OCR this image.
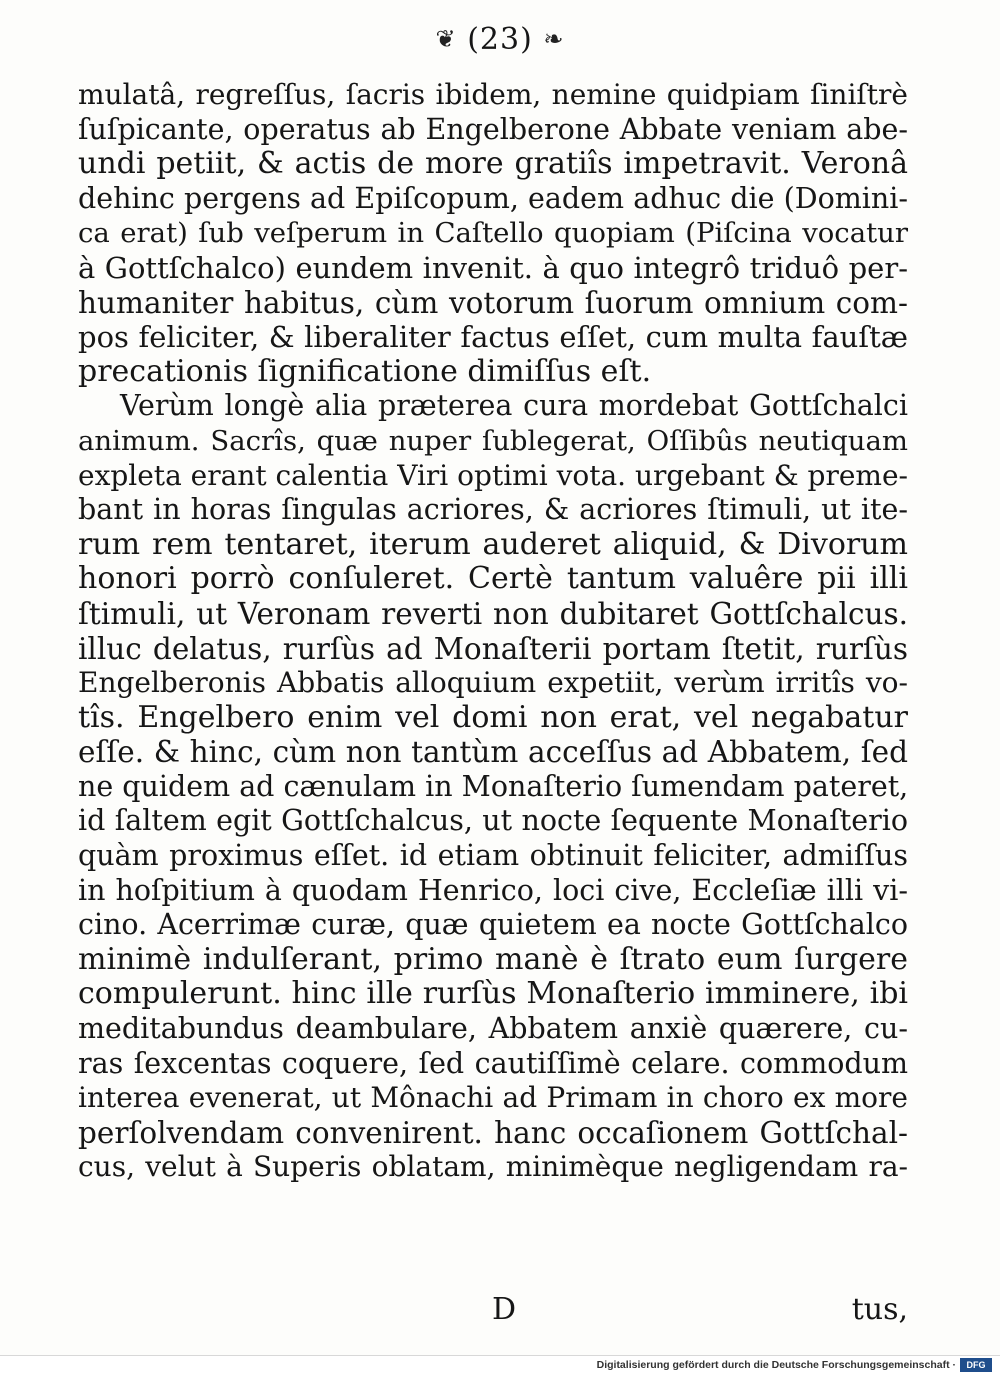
❦ (23) ❧
mulatâ, regreſſus, ſacris ibidem, nemine quidpiam ſiniſtrè
ſuſpicante, operatus ab Engelberone Abbate veniam abe-
undi petiit, & actis de more gratiîs impetravit. Veronâ
dehinc pergens ad Epiſcopum, eadem adhuc die (Domini-
ca erat) ſub veſperum in Caſtello quopiam (Piſcina vocatur
à Gottſchalco) eundem invenit. à quo integrô triduô per-
humaniter habitus, cùm votorum ſuorum omnium com-
pos feliciter, & liberaliter factus eſſet, cum multa fauſtæ
precationis ſignificatione dimiſſus eſt.
Verùm longè alia præterea cura mordebat Gottſchalci
animum. Sacrîs, quæ nuper ſublegerat, Oſſibûs neutiquam
expleta erant calentia Viri optimi vota. urgebant & preme-
bant in horas ſingulas acriores, & acriores ſtimuli, ut ite-
rum rem tentaret, iterum auderet aliquid, & Divorum
honori porrò conſuleret. Certè tantum valuêre pii illi
ſtimuli, ut Veronam reverti non dubitaret Gottſchalcus.
illuc delatus, rurſùs ad Monaſterii portam ſtetit, rurſùs
Engelberonis Abbatis alloquium expetiit, verùm irritîs vo-
tîs. Engelbero enim vel domi non erat, vel negabatur
eſſe. & hinc, cùm non tantùm acceſſus ad Abbatem, ſed
ne quidem ad cænulam in Monaſterio ſumendam pateret,
id ſaltem egit Gottſchalcus, ut nocte ſequente Monaſterio
quàm proximus eſſet. id etiam obtinuit feliciter, admiſſus
in hoſpitium à quodam Henrico, loci cive, Eccleſiæ illi vi-
cino. Acerrimæ curæ, quæ quietem ea nocte Gottſchalco
minimè indulſerant, primo manè è ſtrato eum ſurgere
compulerunt. hinc ille rurſùs Monaſterio imminere, ibi
meditabundus deambulare, Abbatem anxiè quærere, cu-
ras ſexcentas coquere, ſed cautiſſimè celare. commodum
interea evenerat, ut Mônachi ad Primam in choro ex more
perſolvendam convenirent. hanc occaſionem Gottſchal-
cus, velut à Superis oblatam, minimèque negligendam ra-
D	tus,
Digitalisierung gefördert durch die Deutsche Forschungsgemeinschaft ·	DFG
